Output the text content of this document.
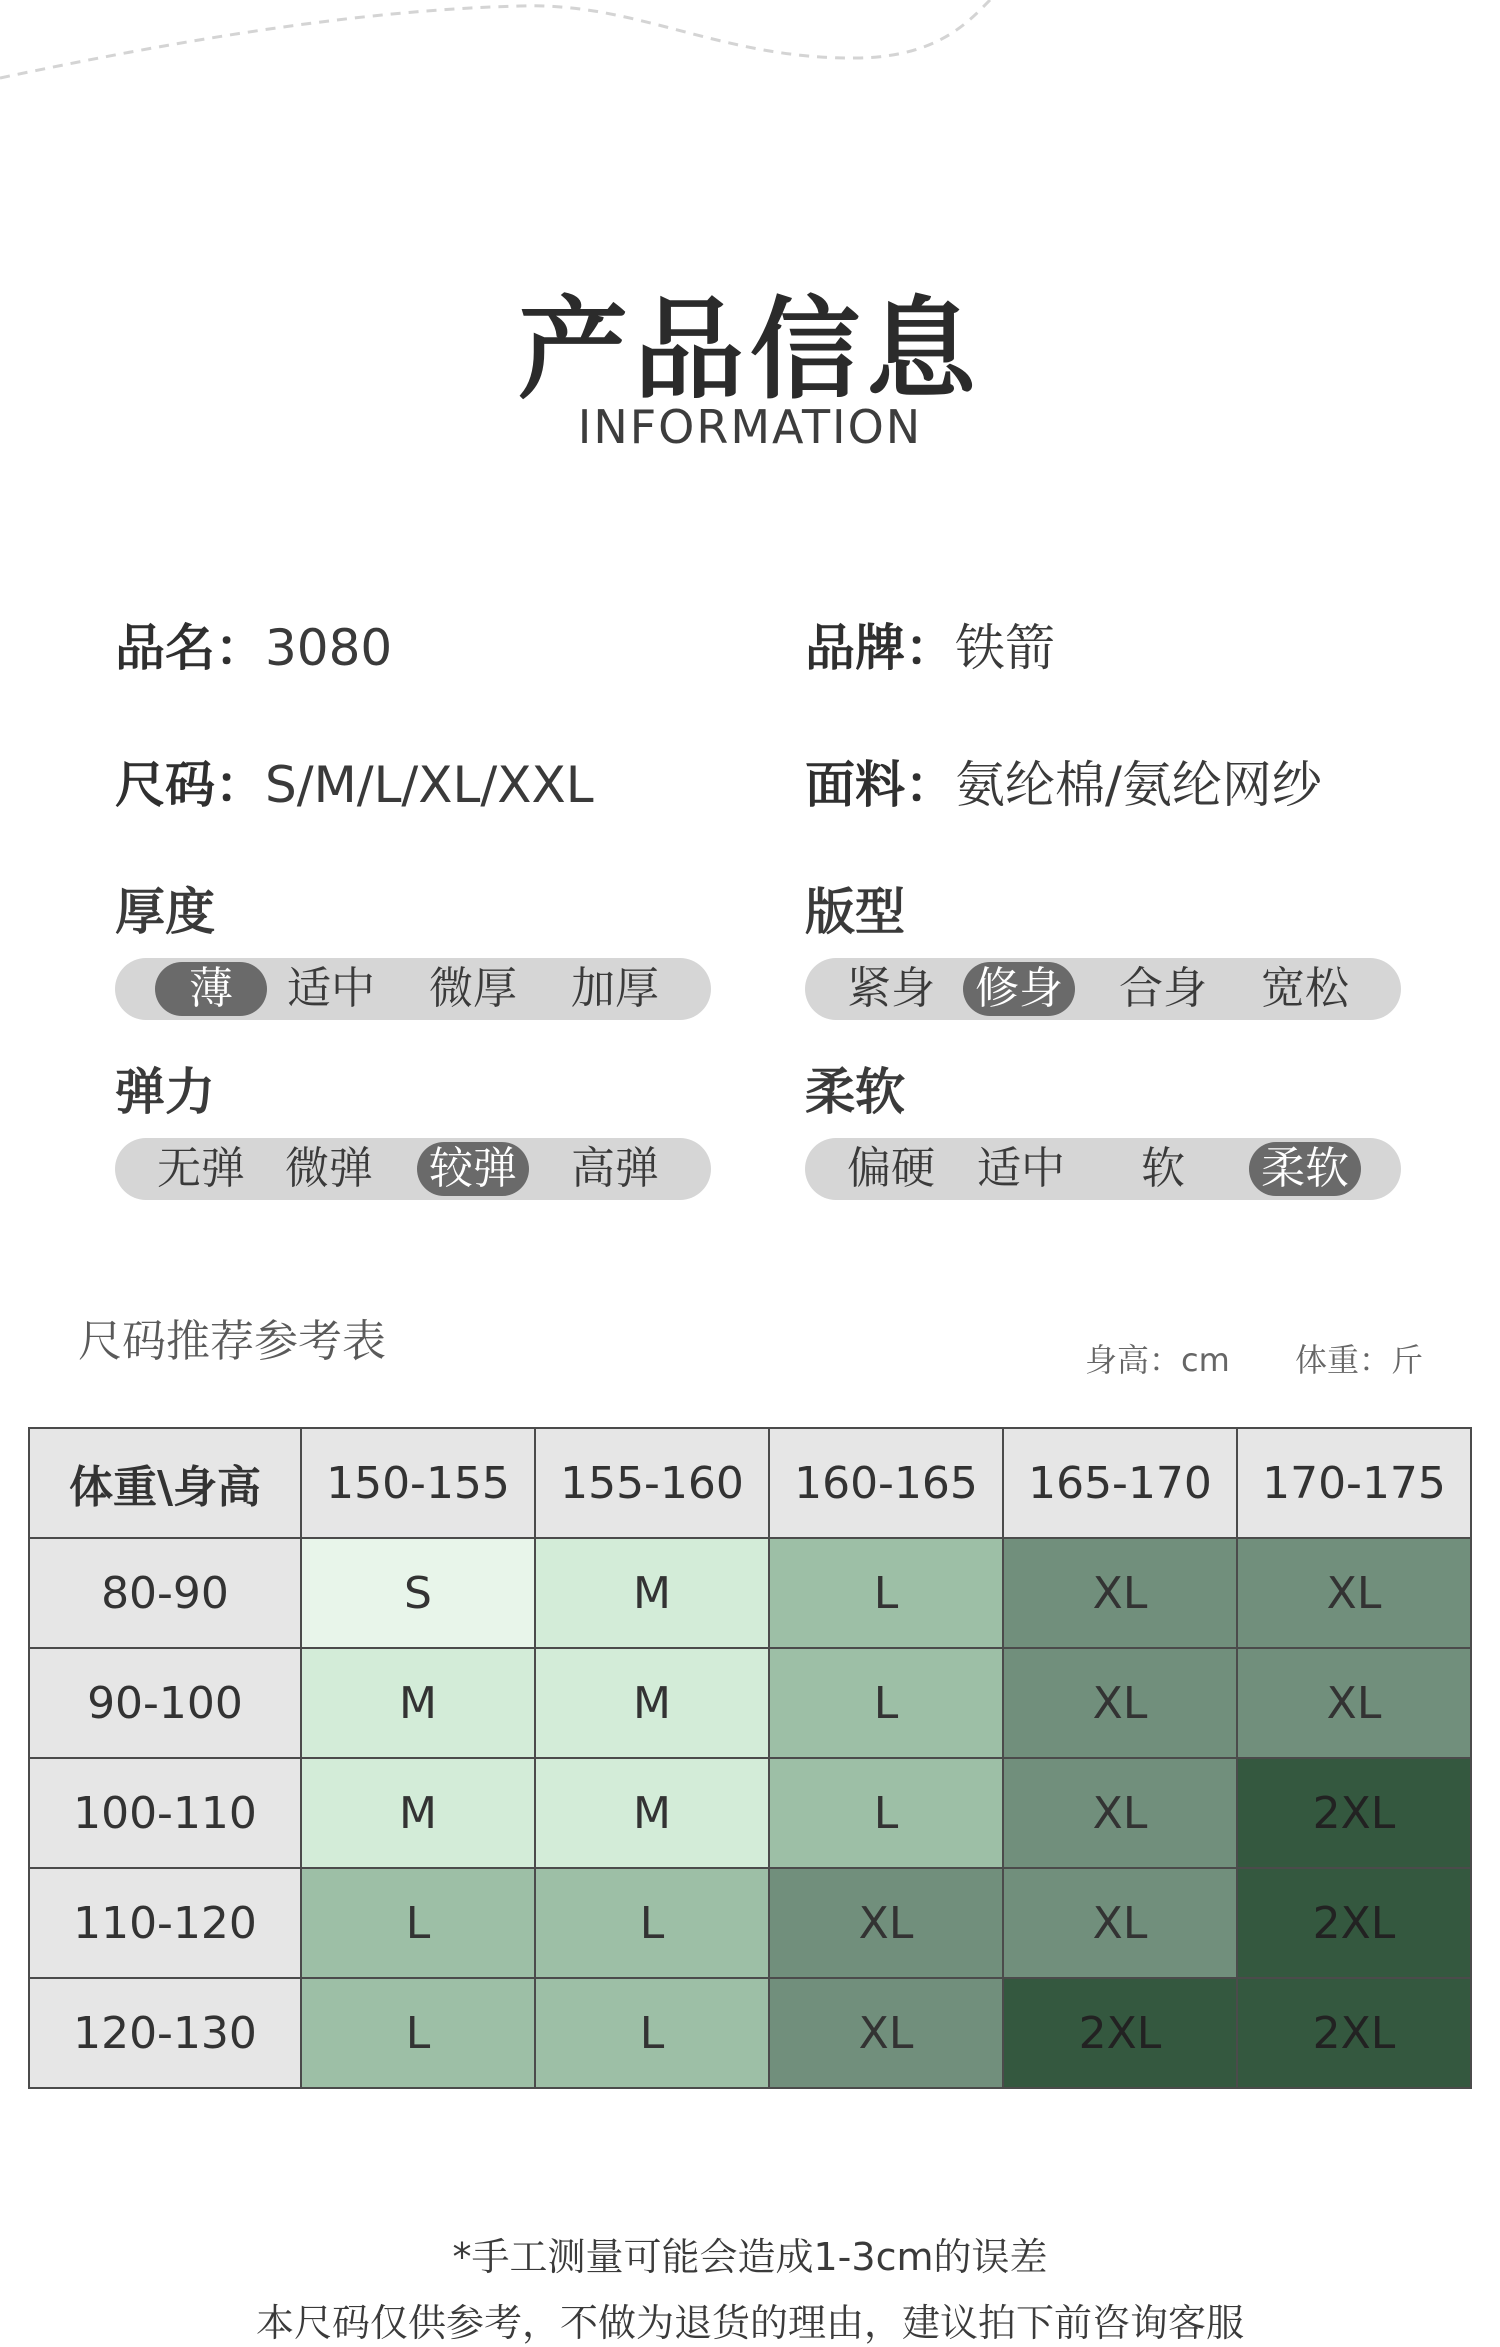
产品信息
INFORMATION
品名：3080	品牌：铁箭
尺码：S/M/L/XL/XXL	面料：氨纶棉/氨纶网纱
厚度
薄	适中 微厚 加厚
版型
紧身 修身 合身 宽松
弹力
无弹 微弹 较弹 高弹
柔软
偏硬 适中	软	柔软
尺码推荐参考表	身高：cm 体重：斤
体重\身高	150-155	155-160	160-165	165-170	170-175
80-90	S	M	L	XL	XL
90-100	M	M	L	XL	XL
100-110	M	M	L	XL	2XL
110-120	L	L	XL	XL	2XL
120-130	L	L	XL	2XL	2XL
*手工测量可能会造成1-3cm的误差
本尺码仅供参考，不做为退货的理由，建议拍下前咨询客服
